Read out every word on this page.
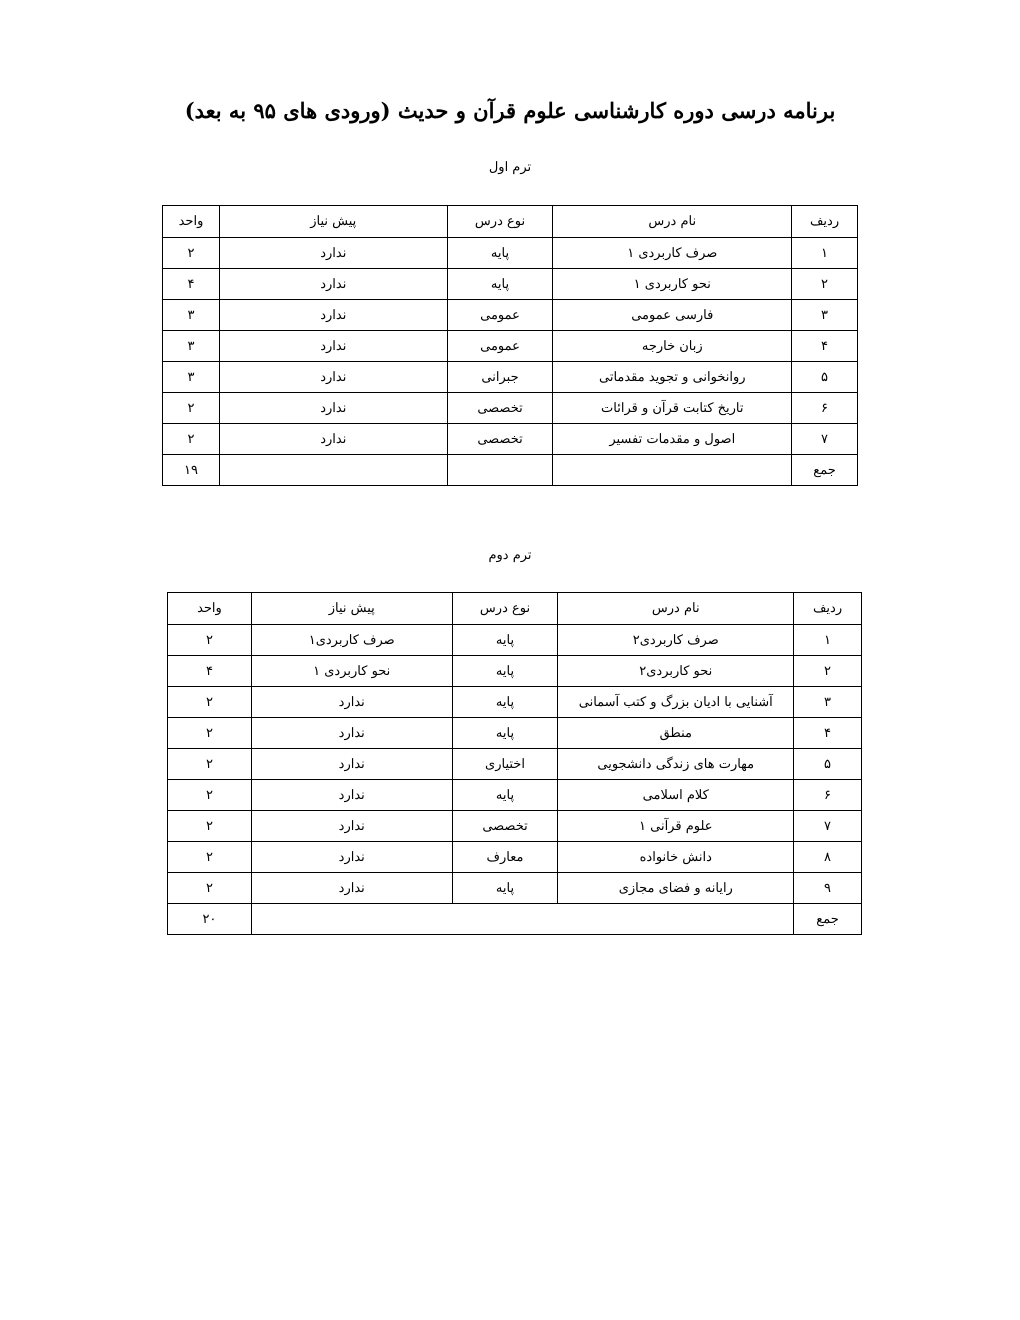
برنامه درسی دوره کارشناسی علوم قرآن و حدیث (ورودی های ۹۵ به بعد)
ترم اول
ردیف	نام درس	نوع درس	پیش نیاز	واحد
۱	صرف کاربردی ۱	پایه	ندارد	۲
۲	نحو کاربردی ۱	پایه	ندارد	۴
۳	فارسی عمومی	عمومی	ندارد	۳
۴	زبان خارجه	عمومی	ندارد	۳
۵	روانخوانی و تجوید مقدماتی	جبرانی	ندارد	۳
۶	تاریخ کتابت قرآن و قرائات	تخصصی	ندارد	۲
۷	اصول و مقدمات تفسیر	تخصصی	ندارد	۲
جمع				۱۹
ترم دوم
ردیف	نام درس	نوع درس	پیش نیاز	واحد
۱	صرف کاربردی۲	پایه	صرف کاربردی۱	۲
۲	نحو کاربردی۲	پایه	نحو کاربردی ۱	۴
۳	آشنایی با ادیان بزرگ و کتب آسمانی	پایه	ندارد	۲
۴	منطق	پایه	ندارد	۲
۵	مهارت های زندگی دانشجویی	اختیاری	ندارد	۲
۶	کلام اسلامی	پایه	ندارد	۲
۷	علوم قرآنی ۱	تخصصی	ندارد	۲
۸	دانش خانواده	معارف	ندارد	۲
۹	رایانه و فضای مجازی	پایه	ندارد	۲
جمع				۲۰
